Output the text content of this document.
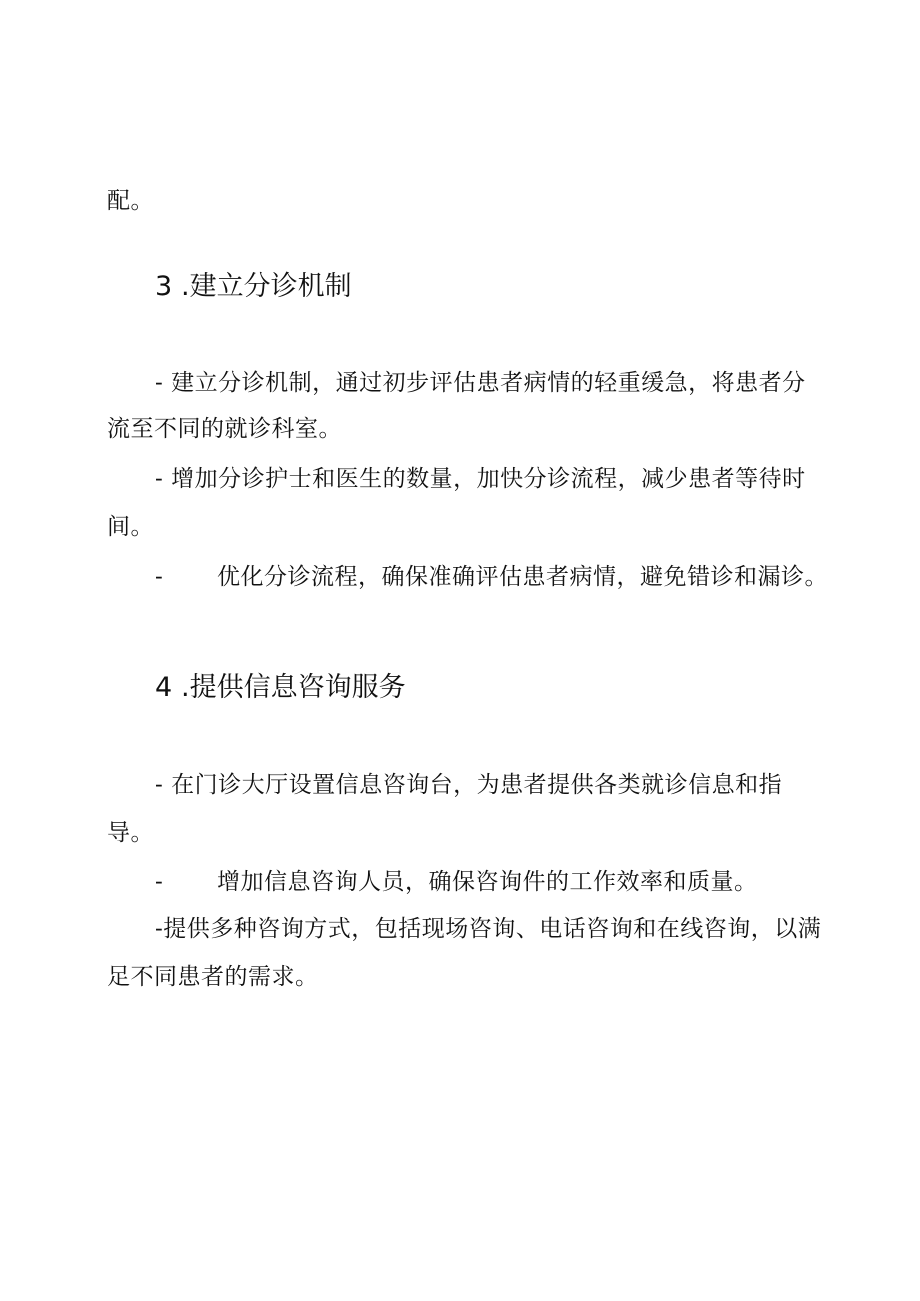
配。
3 .建立分诊机制
- 建立分诊机制，通过初步评估患者病情的轻重缓急，将患者分
流至不同的就诊科室。
- 增加分诊护士和医生的数量，加快分诊流程，减少患者等待时
间。
- 优化分诊流程，确保准确评估患者病情，避免错诊和漏诊。
4 .提供信息咨询服务
- 在门诊大厅设置信息咨询台，为患者提供各类就诊信息和指
导。
- 增加信息咨询人员，确保咨询件的工作效率和质量。
-提供多种咨询方式，包括现场咨询、电话咨询和在线咨询，以满
足不同患者的需求。
